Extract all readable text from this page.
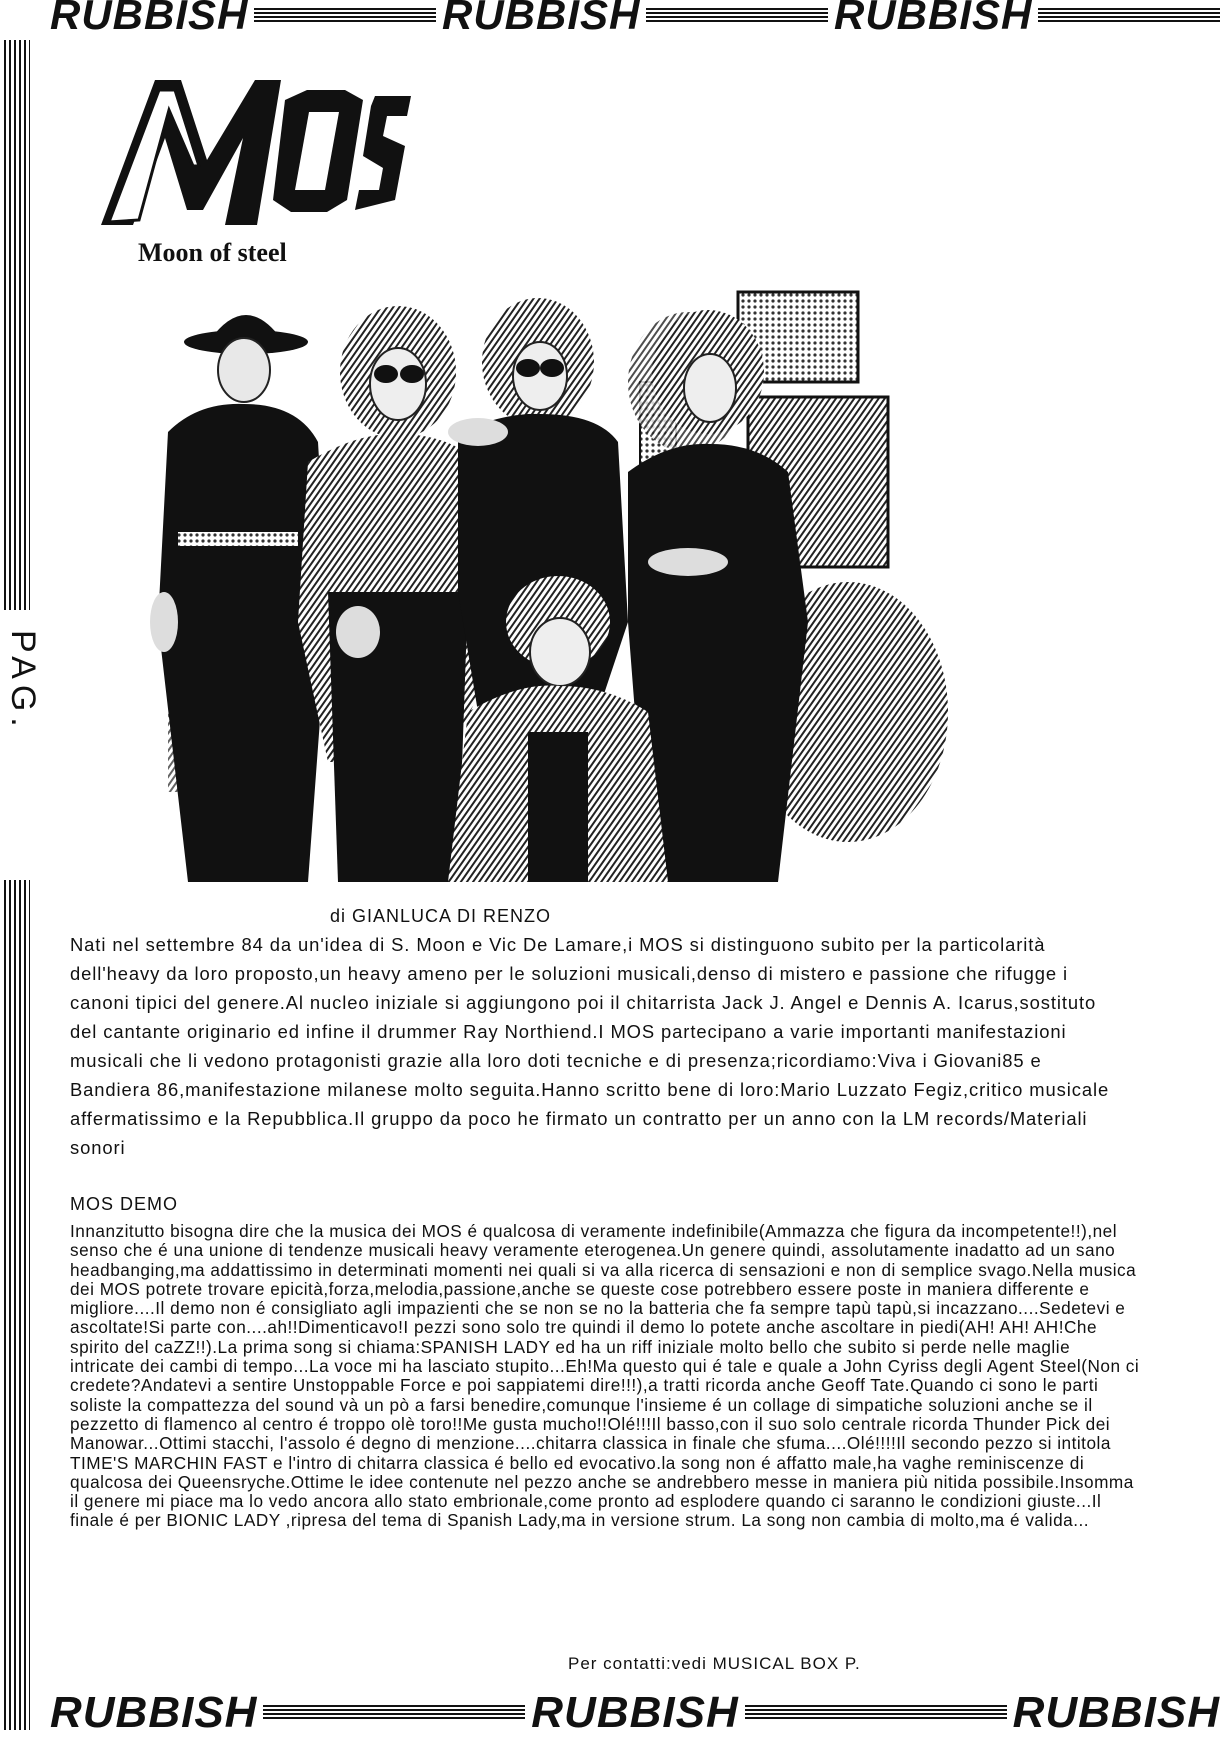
RUBBISH	RUBBISH	RUBBISH
PAG.
MOS
Moon of steel
di GIANLUCA DI RENZO

Nati nel settembre 84 da un'idea di S. Moon e Vic De Lamare,i MOS si distinguono subito per la particolarità dell'heavy da loro proposto,un heavy ameno per le soluzioni musicali,denso di mistero e passione che rifugge i canoni tipici del genere.Al nucleo iniziale si aggiungono poi il chitarrista Jack J. Angel e Dennis A. Icarus,sostituto del cantante originario ed infine il drummer Ray Northiend.I MOS partecipano a varie importanti manifestazioni musicali che li vedono protagonisti grazie alla loro doti tecniche e di presenza;ricordiamo:Viva i Giovani85 e Bandiera 86,manifestazione milanese molto seguita.Hanno scritto bene di loro:Mario Luzzato Fegiz,critico musicale affermatissimo e la Repubblica.Il gruppo da poco he firmato un contratto per un anno con la LM records/Materiali sonori

MOS DEMO

Innanzitutto bisogna dire che la musica dei MOS é qualcosa di veramente indefinibile(Ammazza che figura da incompetente!!),nel senso che é una unione di tendenze musicali heavy veramente eterogenea.Un genere quindi, assolutamente inadatto ad un sano headbanging,ma addattissimo in determinati momenti nei quali si va alla ricerca di sensazioni e non di semplice svago.Nella musica dei MOS potrete trovare epicità,forza,melodia,passione,anche se queste cose potrebbero essere poste in maniera differente e migliore....Il demo non é consigliato agli impazienti che se non se no la batteria che fa sempre tapù tapù,si incazzano....Sedetevi e ascoltate!Si parte con....ah!!Dimenticavo!I pezzi sono solo tre quindi il demo lo potete anche ascoltare in piedi(AH! AH! AH!Che spirito del caZZ!!).La prima song si chiama:SPANISH LADY ed ha un riff iniziale molto bello che subito si perde nelle maglie intricate dei cambi di tempo...La voce mi ha lasciato stupito...Eh!Ma questo qui é tale e quale a John Cyriss degli Agent Steel(Non ci credete?Andatevi a sentire Unstoppable Force e poi sappiatemi dire!!!),a tratti ricorda anche Geoff Tate.Quando ci sono le parti soliste la compattezza del sound và un pò a farsi benedire,comunque l'insieme é un collage di simpatiche soluzioni anche se il pezzetto di flamenco al centro é troppo olè toro!!Me gusta mucho!!Olé!!!Il basso,con il suo solo centrale ricorda Thunder Pick dei Manowar...Ottimi stacchi, l'assolo é degno di menzione....chitarra classica in finale che sfuma....Olé!!!!Il secondo pezzo si intitola TIME'S MARCHIN FAST e l'intro di chitarra classica é bello ed evocativo.la song non é affatto male,ha vaghe reminiscenze di qualcosa dei Queensryche.Ottime le idee contenute nel pezzo anche se andrebbero messe in maniera più nitida possibile.Insomma il genere mi piace ma lo vedo ancora allo stato embrionale,come pronto ad esplodere quando ci saranno le condizioni giuste...Il finale é per BIONIC LADY ,ripresa del tema di Spanish Lady,ma in versione strum. La song non cambia di molto,ma é valida...

Per contatti:vedi MUSICAL BOX P.
RUBBISH	RUBBISH	RUBBISH
